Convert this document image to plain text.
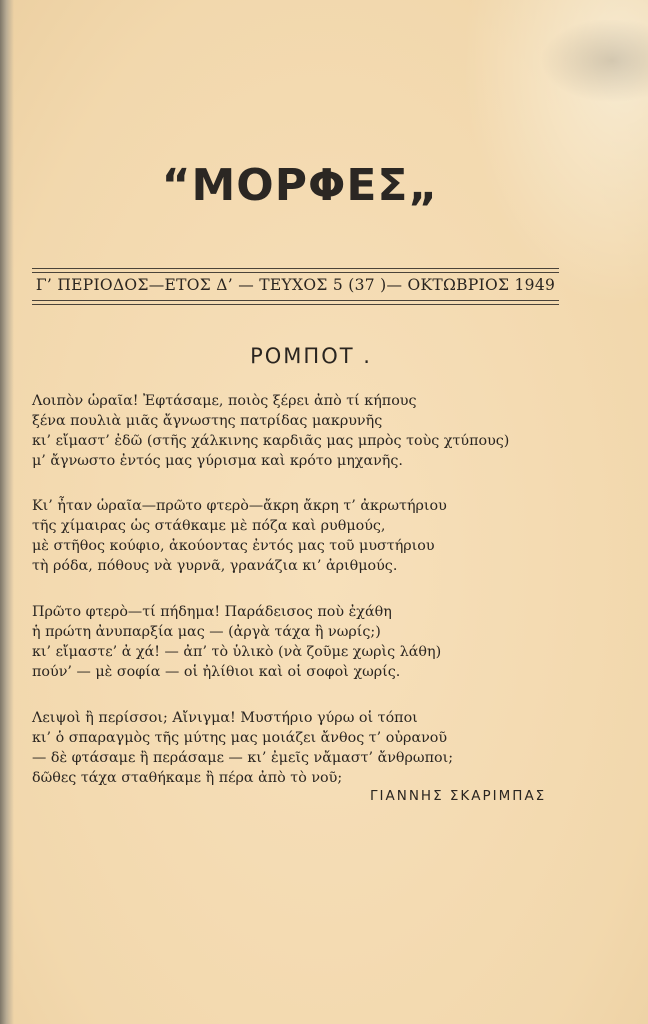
“ΜΟΡΦΕΣ„
Γ’ ΠΕΡΙΟΔΟΣ—ΕΤΟΣ Δ’ — ΤΕΥΧΟΣ 5 (37 )— ΟΚΤΩΒΡΙΟΣ 1949
ΡΟΜΠΟΤ .
Λοιπὸν ὡραῖα! Ἐφτάσαμε, ποιὸς ξέρει ἀπὸ τί κήπους
ξένα πουλιὰ μιᾶς ἄγνωστης πατρίδας μακρυνῆς
κι’ εἴμαστ’ ἐδῶ (στῆς χάλκινης καρδιᾶς μας μπρὸς τοὺς χτύπους)
μ’ ἄγνωστο ἐντός μας γύρισμα καὶ κρότο μηχανῆς.
Κι’ ἦταν ὡραῖα—πρῶτο φτερὸ—ἄκρη ἄκρη τ’ ἀκρωτήριου
τῆς χίμαιρας ὡς στάθκαμε μὲ πόζα καὶ ρυθμούς,
μὲ στῆθος κούφιο, ἀκούοντας ἐντός μας τοῦ μυστήριου
τὴ ρόδα, πόθους νὰ γυρνᾶ, γρανάζια κι’ ἀριθμούς.
Πρῶτο φτερὸ—τί πήδημα! Παράδεισος ποὺ ἐχάθη
ἡ πρώτη ἀνυπαρξία μας — (ἀργὰ τάχα ἢ νωρίς;)
κι’ εἴμαστε’ ἀ χά! — ἀπ’ τὸ ὑλικὸ (νὰ ζοῦμε χωρὶς λάθη)
πούν’ — μὲ σοφία — οἱ ἠλίθιοι καὶ οἱ σοφοὶ χωρίς.
Λειψοὶ ἢ περίσσοι; Αἴνιγμα! Μυστήριο γύρω οἱ τόποι
κι’ ὁ σπαραγμὸς τῆς μύτης μας μοιάζει ἄνθος τ’ οὐρανοῦ
— δὲ φτάσαμε ἢ περάσαμε — κι’ ἐμεῖς νἄμαστ’ ἄνθρωποι;
δῶθες τάχα σταθήκαμε ἢ πέρα ἀπὸ τὸ νοῦ;
ΓΙΑΝΝΗΣ ΣΚΑΡΙΜΠΑΣ
